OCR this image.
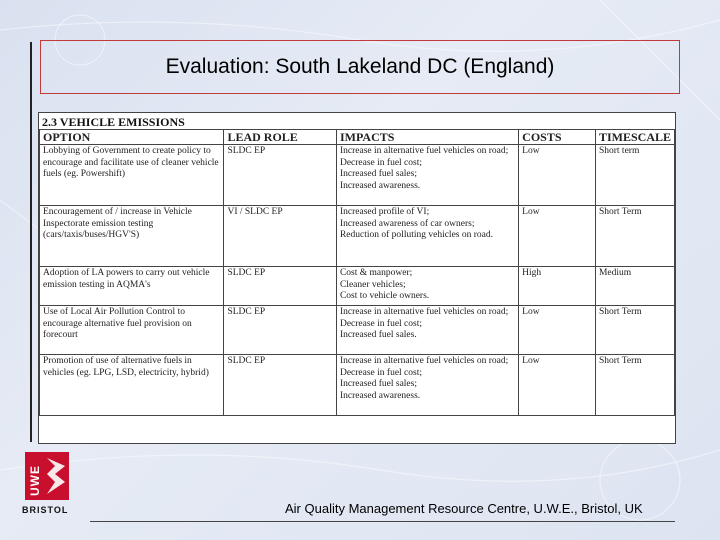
Evaluation: South Lakeland DC (England)
2.3 VEHICLE EMISSIONS
OPTION	LEAD ROLE	IMPACTS	COSTS	TIMESCALE
Lobbying of Government to create policy to encourage and facilitate use of cleaner vehicle fuels (eg. Powershift)	SLDC EP	Increase in alternative fuel vehicles on road;
Decrease in fuel cost;
Increased fuel sales;
Increased awareness.	Low	Short term
Encouragement of / increase in Vehicle Inspectorate emission testing (cars/taxis/buses/HGV'S)	VI / SLDC EP	Increased profile of VI;
Increased awareness of car owners;
Reduction of polluting vehicles on road.	Low	Short Term
Adoption of LA powers to carry out vehicle emission testing in AQMA's	SLDC EP	Cost & manpower;
Cleaner vehicles;
Cost to vehicle owners.	High	Medium
Use of Local Air Pollution Control to encourage alternative fuel provision on forecourt	SLDC EP	Increase in alternative fuel vehicles on road;
Decrease in fuel cost;
Increased fuel sales.	Low	Short Term
Promotion of use of alternative fuels in vehicles (eg. LPG, LSD, electricity, hybrid)	SLDC EP	Increase in alternative fuel vehicles on road;
Decrease in fuel cost;
Increased fuel sales;
Increased awareness.	Low	Short Term
UWE
BRISTOL	Air Quality Management Resource Centre, U.W.E., Bristol, UK
